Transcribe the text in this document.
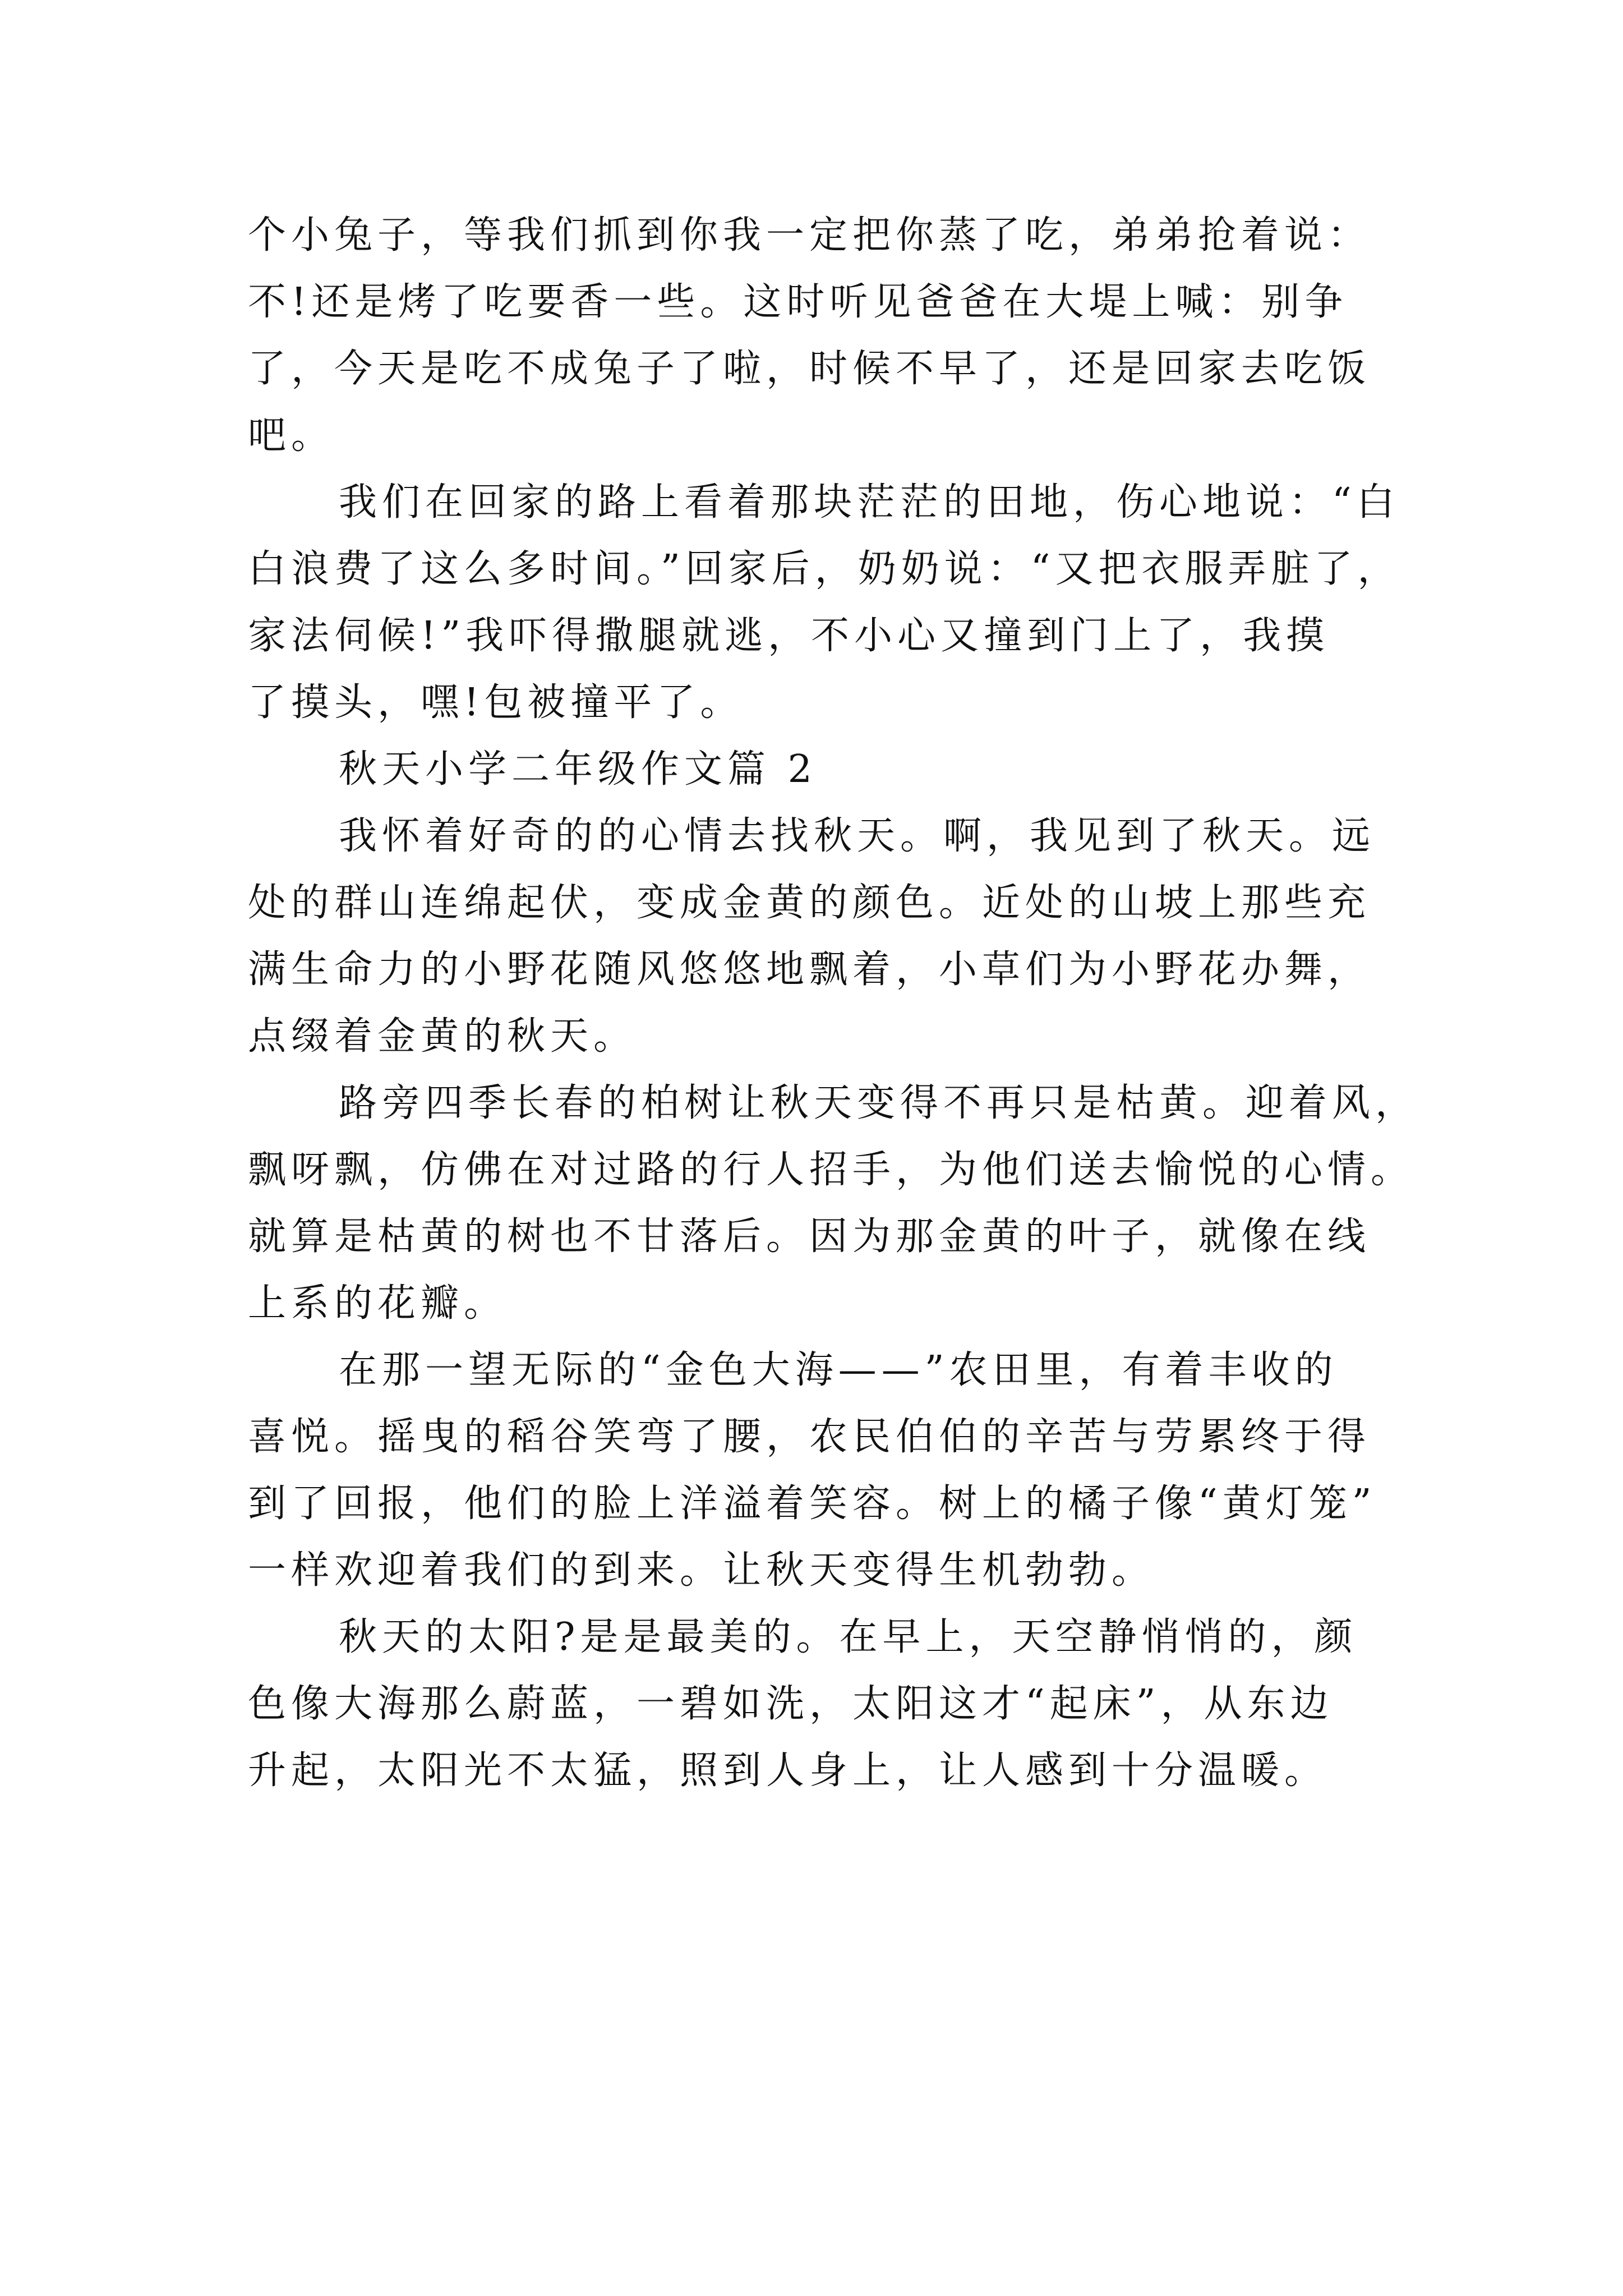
个小兔子，等我们抓到你我一定把你蒸了吃，弟弟抢着说：
不!还是烤了吃要香一些。这时听见爸爸在大堤上喊：别争
了，今天是吃不成兔子了啦，时候不早了，还是回家去吃饭
吧。
我们在回家的路上看着那块茫茫的田地，伤心地说：“白
白浪费了这么多时间。”回家后，奶奶说：“又把衣服弄脏了，
家法伺候!”我吓得撒腿就逃，不小心又撞到门上了，我摸
了摸头，嘿!包被撞平了。
秋天小学二年级作文篇 2
我怀着好奇的的心情去找秋天。啊，我见到了秋天。远
处的群山连绵起伏，变成金黄的颜色。近处的山坡上那些充
满生命力的小野花随风悠悠地飘着，小草们为小野花办舞，
点缀着金黄的秋天。
路旁四季长春的柏树让秋天变得不再只是枯黄。迎着风，
飘呀飘，仿佛在对过路的行人招手，为他们送去愉悦的心情。
就算是枯黄的树也不甘落后。因为那金黄的叶子，就像在线
上系的花瓣。
在那一望无际的“金色大海——”农田里，有着丰收的
喜悦。摇曳的稻谷笑弯了腰，农民伯伯的辛苦与劳累终于得
到了回报，他们的脸上洋溢着笑容。树上的橘子像“黄灯笼”
一样欢迎着我们的到来。让秋天变得生机勃勃。
秋天的太阳?是是最美的。在早上，天空静悄悄的，颜
色像大海那么蔚蓝，一碧如洗，太阳这才“起床”，从东边
升起，太阳光不太猛，照到人身上，让人感到十分温暖。
